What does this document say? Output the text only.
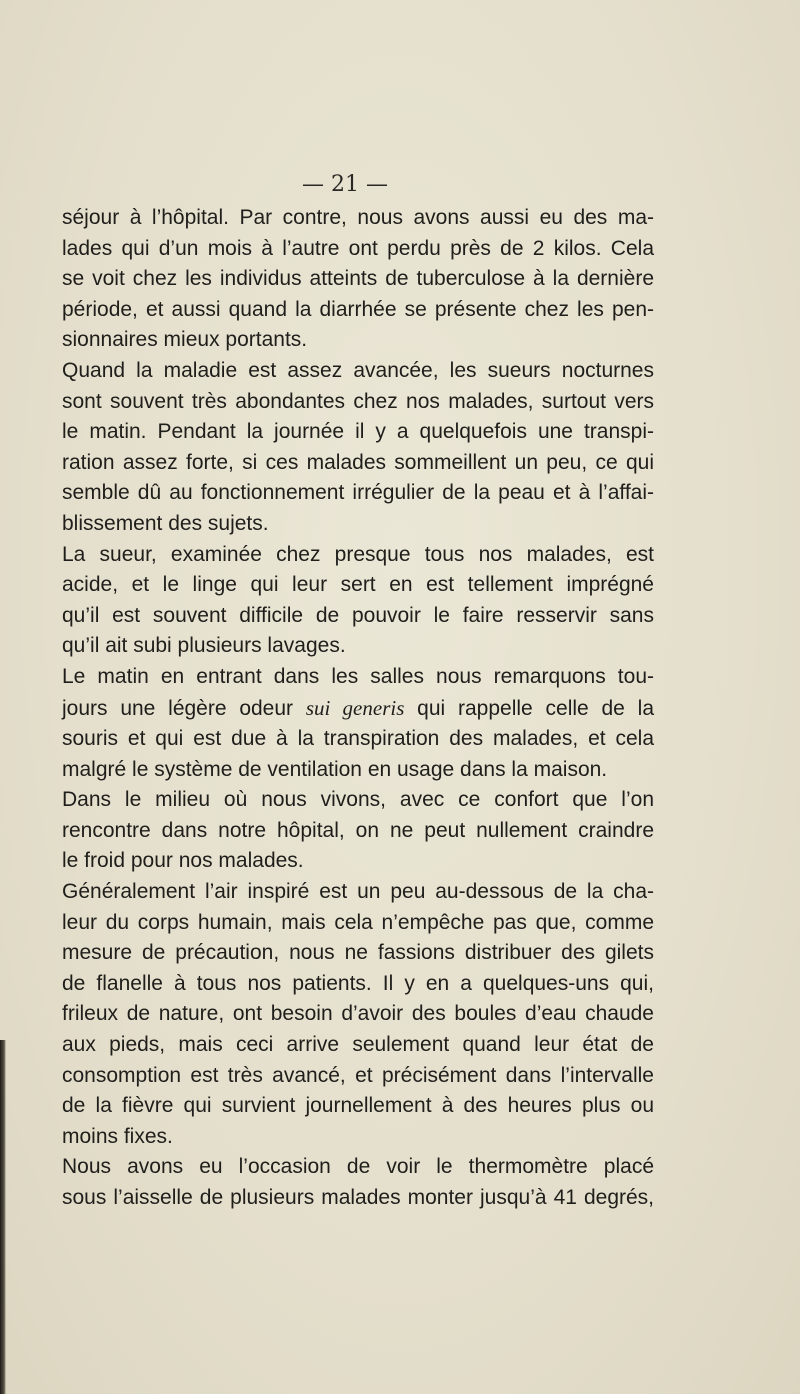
— 21 —

séjour à l’hôpital. Par contre, nous avons aussi eu des ma-
lades qui d’un mois à l’autre ont perdu près de 2 kilos. Cela
se voit chez les individus atteints de tuberculose à la dernière
période, et aussi quand la diarrhée se présente chez les pen-
sionnaires mieux portants.

Quand la maladie est assez avancée, les sueurs nocturnes
sont souvent très abondantes chez nos malades, surtout vers
le matin. Pendant la journée il y a quelquefois une transpi-
ration assez forte, si ces malades sommeillent un peu, ce qui
semble dû au fonctionnement irrégulier de la peau et à l’affai-
blissement des sujets.

La sueur, examinée chez presque tous nos malades, est
acide, et le linge qui leur sert en est tellement imprégné
qu’il est souvent difficile de pouvoir le faire resservir sans
qu’il ait subi plusieurs lavages.

Le matin en entrant dans les salles nous remarquons tou-
jours une légère odeur sui generis qui rappelle celle de la
souris et qui est due à la transpiration des malades, et cela
malgré le système de ventilation en usage dans la maison.

Dans le milieu où nous vivons, avec ce confort que l’on
rencontre dans notre hôpital, on ne peut nullement craindre
le froid pour nos malades.

Généralement l’air inspiré est un peu au-dessous de la cha-
leur du corps humain, mais cela n’empêche pas que, comme
mesure de précaution, nous ne fassions distribuer des gilets
de flanelle à tous nos patients. Il y en a quelques-uns qui,
frileux de nature, ont besoin d’avoir des boules d’eau chaude
aux pieds, mais ceci arrive seulement quand leur état de
consomption est très avancé, et précisément dans l’intervalle
de la fièvre qui survient journellement à des heures plus ou
moins fixes.

Nous avons eu l’occasion de voir le thermomètre placé
sous l’aisselle de plusieurs malades monter jusqu’à 41 degrés,
